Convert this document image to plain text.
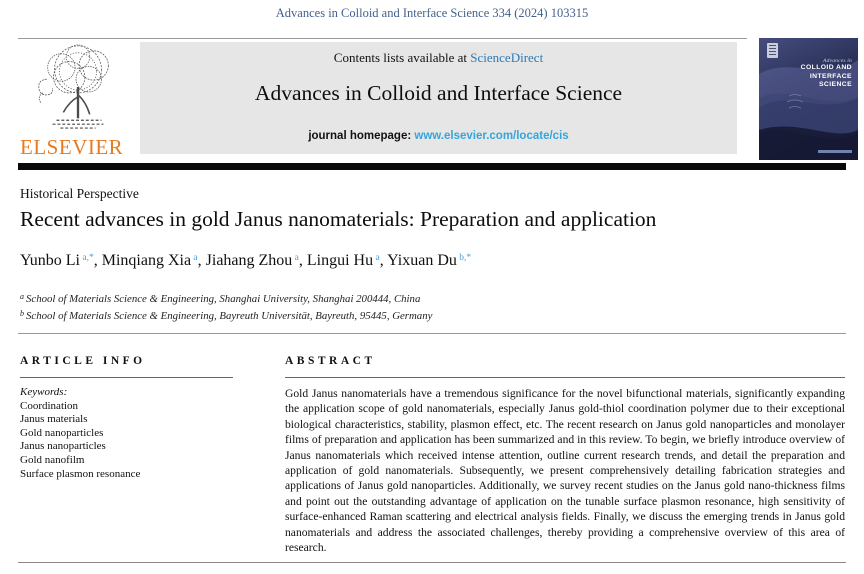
Advances in Colloid and Interface Science 334 (2024) 103315
ELSEVIER
Contents lists available at ScienceDirect
Advances in Colloid and Interface Science
journal homepage: www.elsevier.com/locate/cis
Advances in
COLLOID AND
INTERFACE
SCIENCE
Historical Perspective
Recent advances in gold Janus nanomaterials: Preparation and application
Yunbo Li $^{a,*}$, Minqiang Xia $^a$, Jiahang Zhou $^a$, Lingui Hu $^a$, Yixuan Du $^{b,*}$
$^a$ School of Materials Science & Engineering, Shanghai University, Shanghai 200444, China
$^b$ School of Materials Science & Engineering, Bayreuth Universität, Bayreuth, 95445, Germany
ARTICLE INFO	ABSTRACT
Keywords:
Coordination
Janus materials
Gold nanoparticles
Janus nanoparticles
Gold nanofilm
Surface plasmon resonance
Gold Janus nanomaterials have a tremendous significance for the novel bifunctional materials, significantly expanding the application scope of gold nanomaterials, especially Janus gold-thiol coordination polymer due to their exceptional biological characteristics, stability, plasmon effect, etc. The recent research on Janus gold nanoparticles and monolayer films of preparation and application has been summarized and in this review. To begin, we briefly introduce overview of Janus nanomaterials which received intense attention, outline current research trends, and detail the preparation and application of gold nanomaterials. Subsequently, we present comprehensively detailing fabrication strategies and applications of Janus gold nanoparticles. Additionally, we survey recent studies on the Janus gold nano-thickness films and point out the outstanding advantage of application on the tunable surface plasmon resonance, high sensitivity of surface-enhanced Raman scattering and electrical analysis fields. Finally, we discuss the emerging trends in Janus gold nanomaterials and address the associated challenges, thereby providing a comprehensive overview of this area of research.
